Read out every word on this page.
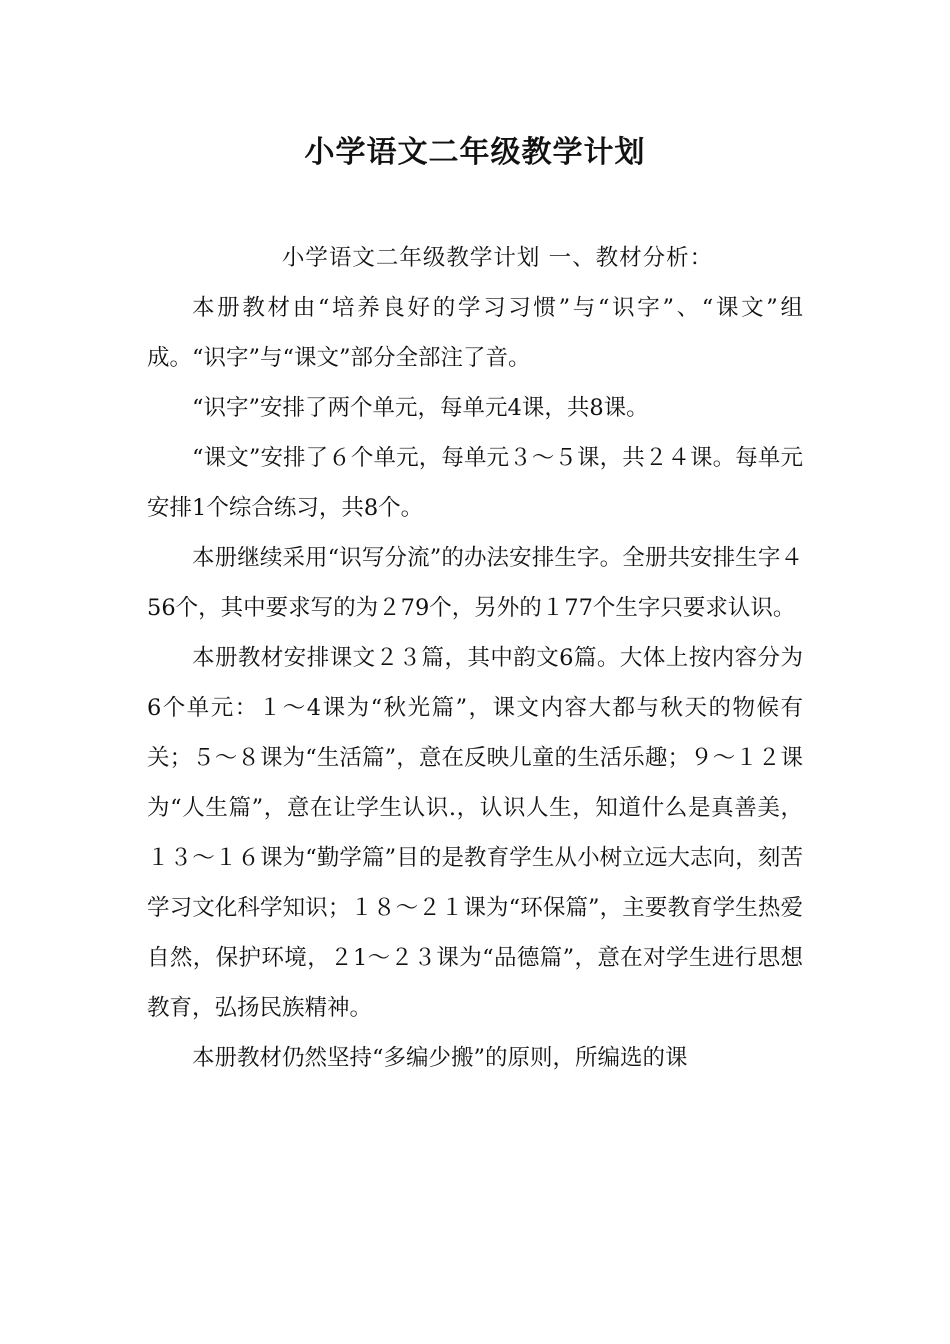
小学语文二年级教学计划

小学语文二年级教学计划 一、教材分析：

本册教材由“培养良好的学习习惯”与“识字”、“课文”组成。“识字”与“课文”部分全部注了音。

“识字”安排了两个单元，每单元4课，共8课。

“课文”安排了６个单元，每单元３～５课，共２４课。每单元安排1个综合练习，共8个。

本册继续采用“识写分流”的办法安排生字。全册共安排生字４56个，其中要求写的为２79个，另外的１77个生字只要求认识。

本册教材安排课文２３篇，其中韵文6篇。大体上按内容分为6个单元：１～4课为“秋光篇”，课文内容大都与秋天的物候有关；５～８课为“生活篇”，意在反映儿童的生活乐趣；９～１２课为“人生篇”，意在让学生认识.，认识人生，知道什么是真善美，１３～１６课为“勤学篇”目的是教育学生从小树立远大志向，刻苦学习文化科学知识；１８～２１课为“环保篇”，主要教育学生热爱自然，保护环境，２1～２３课为“品德篇”，意在对学生进行思想教育，弘扬民族精神。

本册教材仍然坚持“多编少搬”的原则，所编选的课
